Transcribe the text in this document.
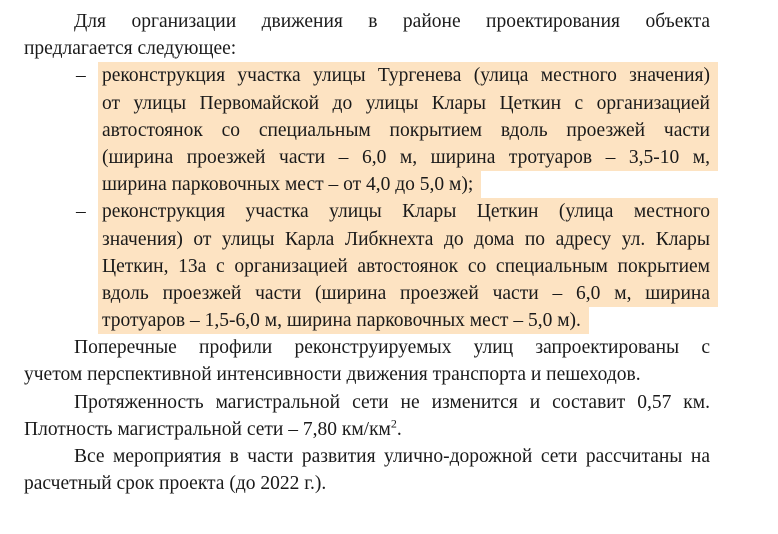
Для организации движения в районе проектирования объекта
предлагается следующее:
– реконструкция участка улицы Тургенева (улица местного значения)
от улицы Первомайской до улицы Клары Цеткин с организацией
автостоянок со специальным покрытием вдоль проезжей части
(ширина проезжей части – 6,0 м, ширина тротуаров – 3,5-10 м,
ширина парковочных мест – от 4,0 до 5,0 м);
– реконструкция участка улицы Клары Цеткин (улица местного
значения) от улицы Карла Либкнехта до дома по адресу ул. Клары
Цеткин, 13а с организацией автостоянок со специальным покрытием
вдоль проезжей части (ширина проезжей части – 6,0 м, ширина
тротуаров – 1,5-6,0 м, ширина парковочных мест – 5,0 м).
Поперечные профили реконструируемых улиц запроектированы с
учетом перспективной интенсивности движения транспорта и пешеходов.
Протяженность магистральной сети не изменится и составит 0,57 км.
Плотность магистральной сети – 7,80 $км/км^2$.
Все мероприятия в части развития улично-дорожной сети рассчитаны на
расчетный срок проекта (до 2022 г.).
